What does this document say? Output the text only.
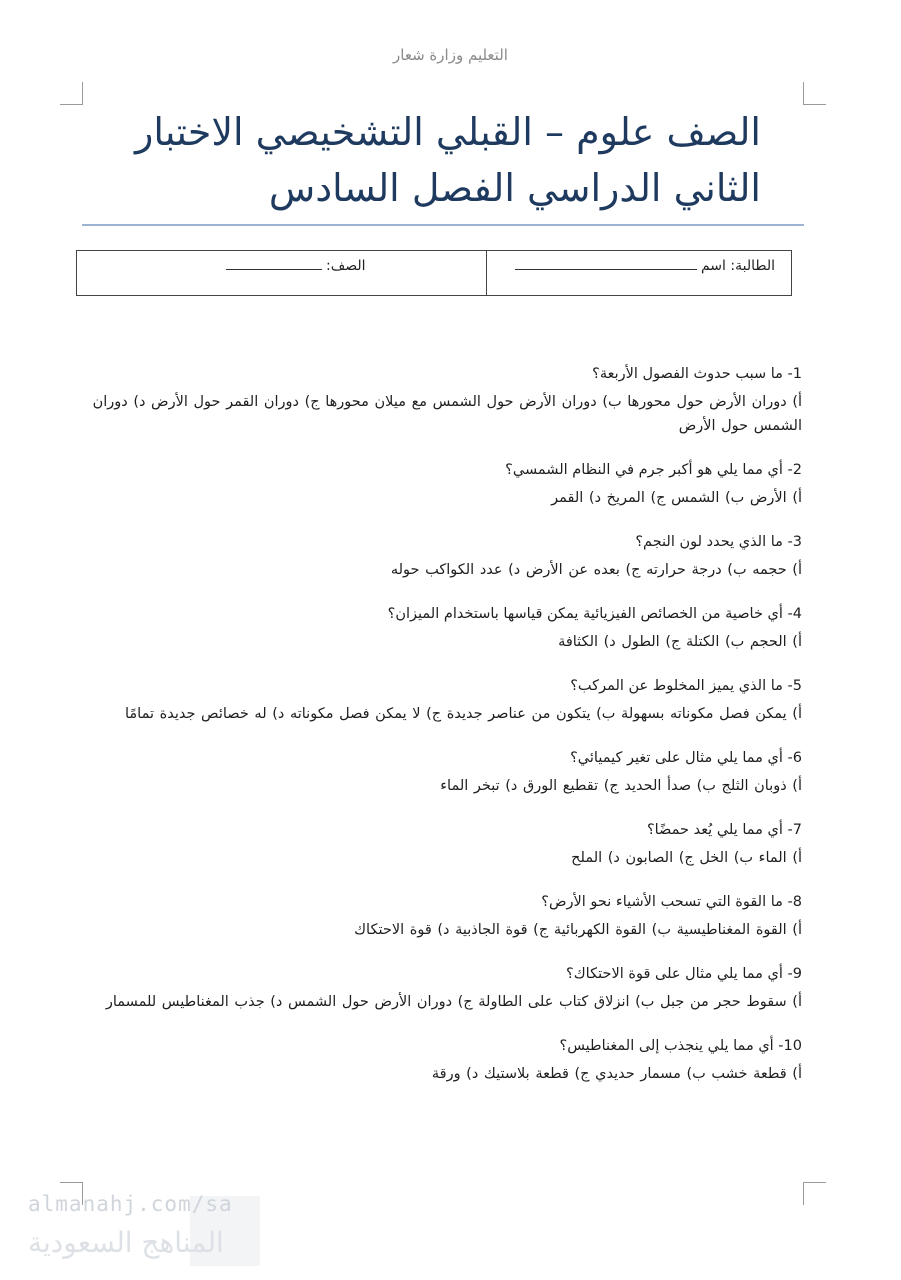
التعليم وزارة شعار
الصف علوم – القبلي التشخيصي الاختبار
الثاني الدراسي الفصل السادس
الطالبة: اسم
الصف:

1- ما سبب حدوث الفصول الأربعة؟

أ) دوران الأرض حول محورها ب) دوران الأرض حول الشمس مع ميلان محورها ج) دوران القمر حول الأرض د) دوران الشمس حول الأرض

2- أي مما يلي هو أكبر جرم في النظام الشمسي؟

أ) الأرض ب) الشمس ج) المريخ د) القمر

3- ما الذي يحدد لون النجم؟

أ) حجمه ب) درجة حرارته ج) بعده عن الأرض د) عدد الكواكب حوله

4- أي خاصية من الخصائص الفيزيائية يمكن قياسها باستخدام الميزان؟

أ) الحجم ب) الكتلة ج) الطول د) الكثافة

5- ما الذي يميز المخلوط عن المركب؟

أ) يمكن فصل مكوناته بسهولة ب) يتكون من عناصر جديدة ج) لا يمكن فصل مكوناته د) له خصائص جديدة تمامًا

6- أي مما يلي مثال على تغير كيميائي؟

أ) ذوبان الثلج ب) صدأ الحديد ج) تقطيع الورق د) تبخر الماء

7- أي مما يلي يُعد حمضًا؟

أ) الماء ب) الخل ج) الصابون د) الملح

8- ما القوة التي تسحب الأشياء نحو الأرض؟

أ) القوة المغناطيسية ب) القوة الكهربائية ج) قوة الجاذبية د) قوة الاحتكاك

9- أي مما يلي مثال على قوة الاحتكاك؟

أ) سقوط حجر من جبل ب) انزلاق كتاب على الطاولة ج) دوران الأرض حول الشمس د) جذب المغناطيس للمسمار

10- أي مما يلي ينجذب إلى المغناطيس؟

أ) قطعة خشب ب) مسمار حديدي ج) قطعة بلاستيك د) ورقة

almanahj.com/sa
المناهج السعودية
